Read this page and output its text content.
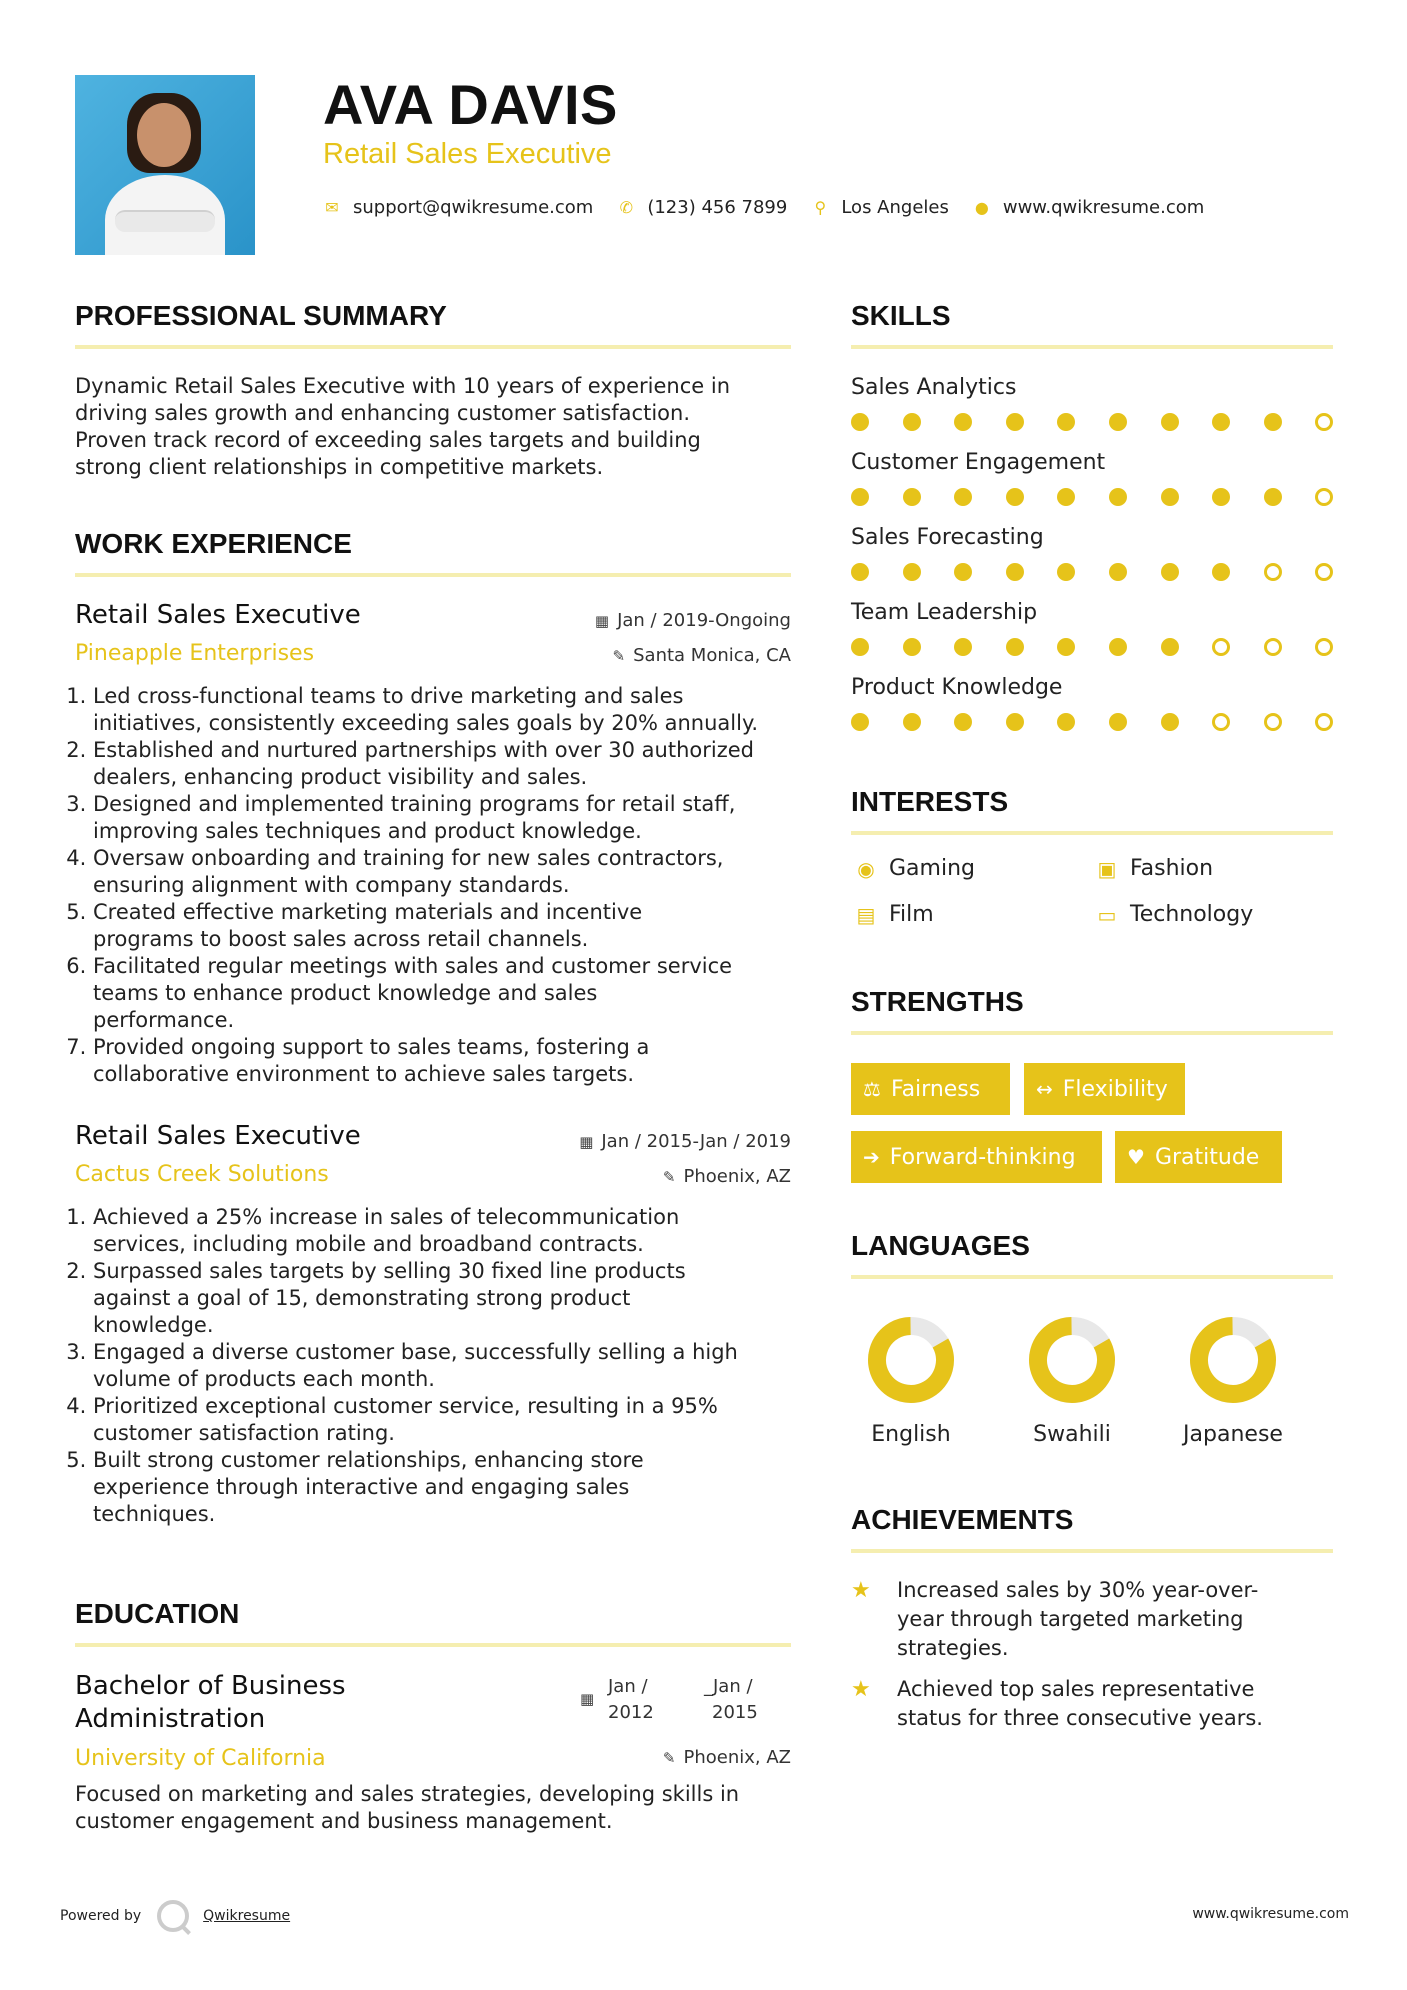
AVA DAVIS
Retail Sales Executive
✉ support@qwikresume.com ✆ (123) 456 7899 ⚲ Los Angeles ● www.qwikresume.com
PROFESSIONAL SUMMARY
Dynamic Retail Sales Executive with 10 years of experience in
driving sales growth and enhancing customer satisfaction.
Proven track record of exceeding sales targets and building
strong client relationships in competitive markets.
WORK EXPERIENCE
Retail Sales Executive
Pineapple Enterprises
▦ Jan / 2019-Ongoing
✎ Santa Monica, CA
1. Led cross-functional teams to drive marketing and sales
initiatives, consistently exceeding sales goals by 20% annually.
2. Established and nurtured partnerships with over 30 authorized
dealers, enhancing product visibility and sales.
3. Designed and implemented training programs for retail staff,
improving sales techniques and product knowledge.
4. Oversaw onboarding and training for new sales contractors,
ensuring alignment with company standards.
5. Created effective marketing materials and incentive
programs to boost sales across retail channels.
6. Facilitated regular meetings with sales and customer service
teams to enhance product knowledge and sales
performance.
7. Provided ongoing support to sales teams, fostering a
collaborative environment to achieve sales targets.
Retail Sales Executive
Cactus Creek Solutions
▦ Jan / 2015-Jan / 2019
✎ Phoenix, AZ
1. Achieved a 25% increase in sales of telecommunication
services, including mobile and broadband contracts.
2. Surpassed sales targets by selling 30 fixed line products
against a goal of 15, demonstrating strong product
knowledge.
3. Engaged a diverse customer base, successfully selling a high
volume of products each month.
4. Prioritized exceptional customer service, resulting in a 95%
customer satisfaction rating.
5. Built strong customer relationships, enhancing store
experience through interactive and engaging sales
techniques.
EDUCATION
Bachelor of Business
Administration
University of California
▦
Jan /
2012
_Jan /
2015
✎ Phoenix, AZ
Focused on marketing and sales strategies, developing skills in
customer engagement and business management.
SKILLS
Sales Analytics
Customer Engagement
Sales Forecasting
Team Leadership
Product Knowledge
INTERESTS
◉ Gaming	▣ Fashion
▤ Film	▭ Technology
STRENGTHS
⚖ Fairness	↔ Flexibility
➔ Forward-thinking	♥ Gratitude
LANGUAGES
English	Swahili	Japanese
ACHIEVEMENTS
★	Increased sales by 30% year-over-
year through targeted marketing
strategies.
★	Achieved top sales representative
status for three consecutive years.
Powered by	Qwikresume	www.qwikresume.com
